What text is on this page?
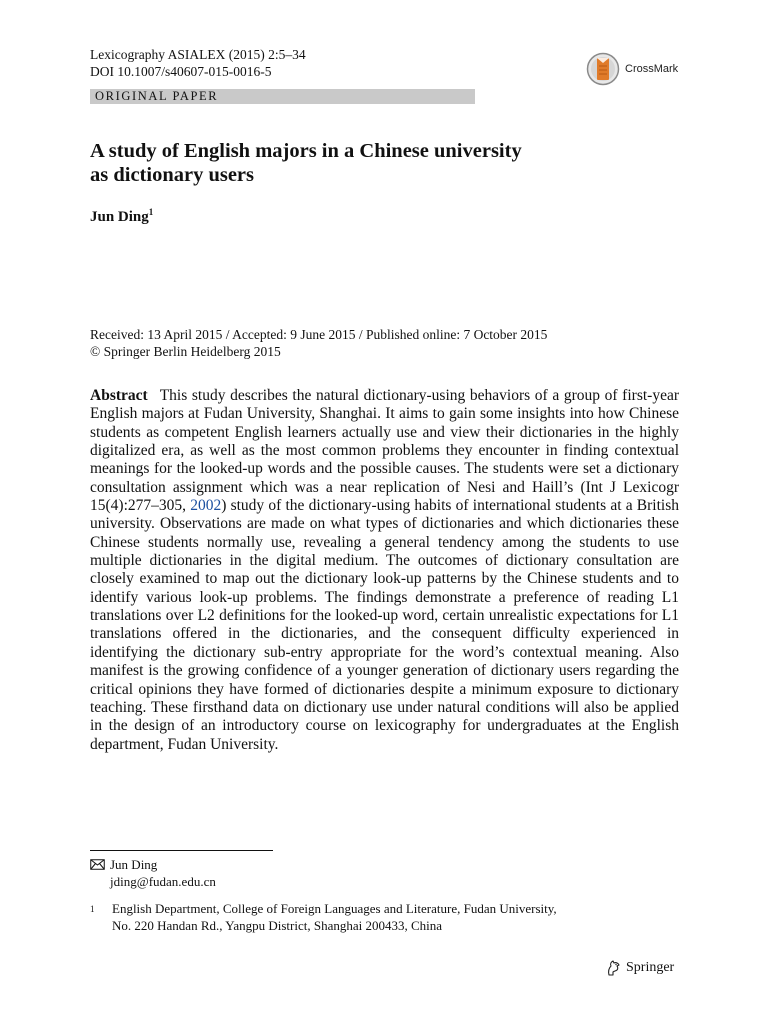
Lexicography ASIALEX (2015) 2:5–34
DOI 10.1007/s40607-015-0016-5	CrossMark
ORIGINAL PAPER
A study of English majors in a Chinese university
as dictionary users
Jun Ding$^1$
Received: 13 April 2015 / Accepted: 9 June 2015 / Published online: 7 October 2015
© Springer Berlin Heidelberg 2015

Abstract This study describes the natural dictionary-using behaviors of a group of first-year English majors at Fudan University, Shanghai. It aims to gain some insights into how Chinese students as competent English learners actually use and view their dictionaries in the highly digitalized era, as well as the most common problems they encounter in finding contextual meanings for the looked-up words and the possible causes. The students were set a dictionary consultation assignment which was a near replication of Nesi and Haill’s (Int J Lexicogr 15(4):277–305, 2002) study of the dictionary-using habits of international students at a British university. Observations are made on what types of dictionaries and which dictionaries these Chinese students normally use, revealing a general tendency among the students to use multiple dictionaries in the digital medium. The outcomes of dictionary consultation are closely examined to map out the dictionary look-up patterns by the Chinese students and to identify various look-up problems. The findings demonstrate a preference of reading L1 translations over L2 definitions for the looked-up word, certain unrealistic expectations for L1 translations offered in the dictionaries, and the consequent difficulty experienced in identifying the dictionary sub-entry appropriate for the word’s contextual meaning. Also manifest is the growing confidence of a younger generation of dictionary users regarding the critical opinions they have formed of dictionaries despite a minimum exposure to dictionary teaching. These firsthand data on dictionary use under natural conditions will also be applied in the design of an introductory course on lexicography for undergraduates at the English department, Fudan University.

Jun Ding
jding@fudan.edu.cn
1	English Department, College of Foreign Languages and Literature, Fudan University,
No. 220 Handan Rd., Yangpu District, Shanghai 200433, China
Springer
